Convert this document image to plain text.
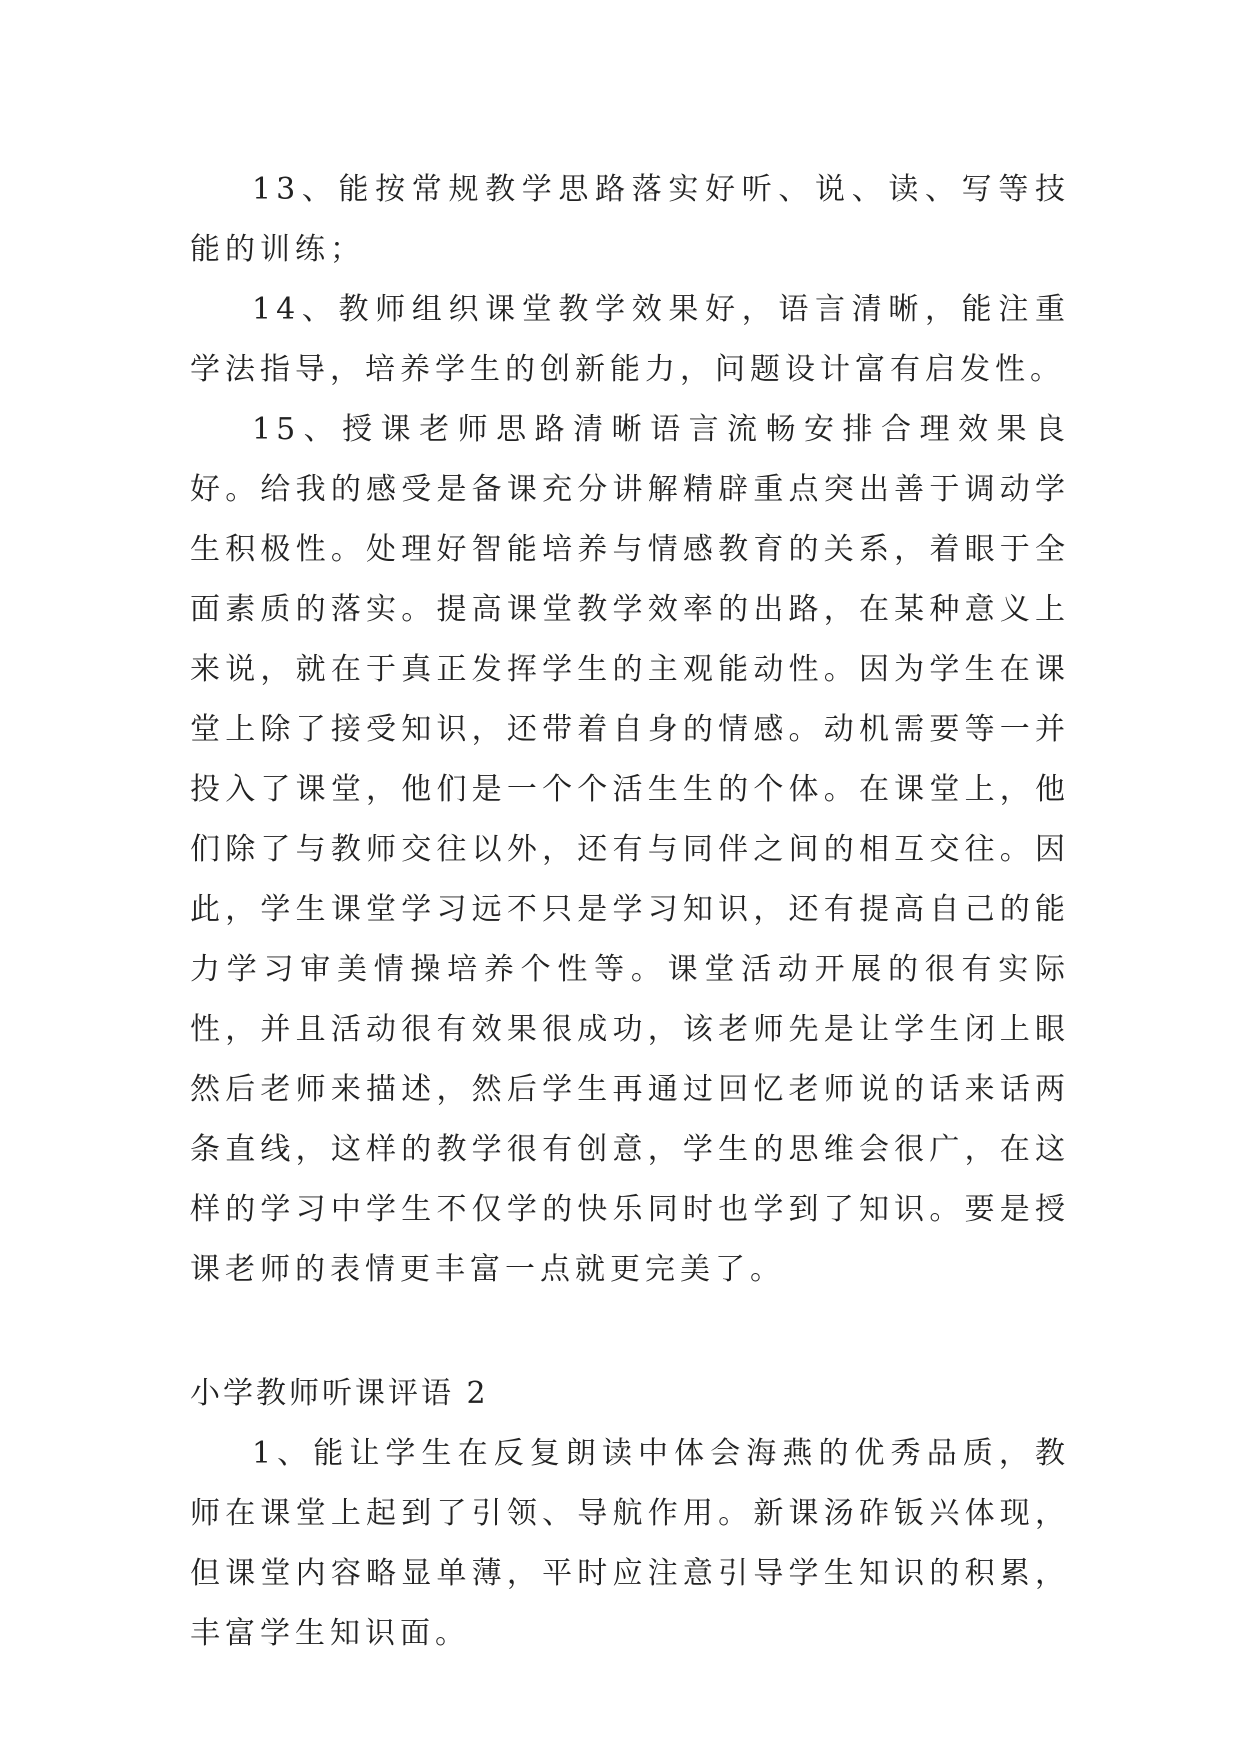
13、能按常规教学思路落实好听、说、读、写等技能的训练；

14、教师组织课堂教学效果好，语言清晰，能注重学法指导，培养学生的创新能力，问题设计富有启发性。

15、授课老师思路清晰语言流畅安排合理效果良好。给我的感受是备课充分讲解精辟重点突出善于调动学生积极性。处理好智能培养与情感教育的关系，着眼于全面素质的落实。提高课堂教学效率的出路，在某种意义上来说，就在于真正发挥学生的主观能动性。因为学生在课堂上除了接受知识，还带着自身的情感。动机需要等一并投入了课堂，他们是一个个活生生的个体。在课堂上，他们除了与教师交往以外，还有与同伴之间的相互交往。因此，学生课堂学习远不只是学习知识，还有提高自己的能力学习审美情操培养个性等。课堂活动开展的很有实际性，并且活动很有效果很成功，该老师先是让学生闭上眼然后老师来描述，然后学生再通过回忆老师说的话来话两条直线，这样的教学很有创意，学生的思维会很广，在这样的学习中学生不仅学的快乐同时也学到了知识。要是授课老师的表情更丰富一点就更完美了。

小学教师听课评语 2

1、能让学生在反复朗读中体会海燕的优秀品质，教师在课堂上起到了引领、导航作用。新课汤砟钣兴体现，但课堂内容略显单薄，平时应注意引导学生知识的积累，丰富学生知识面。
